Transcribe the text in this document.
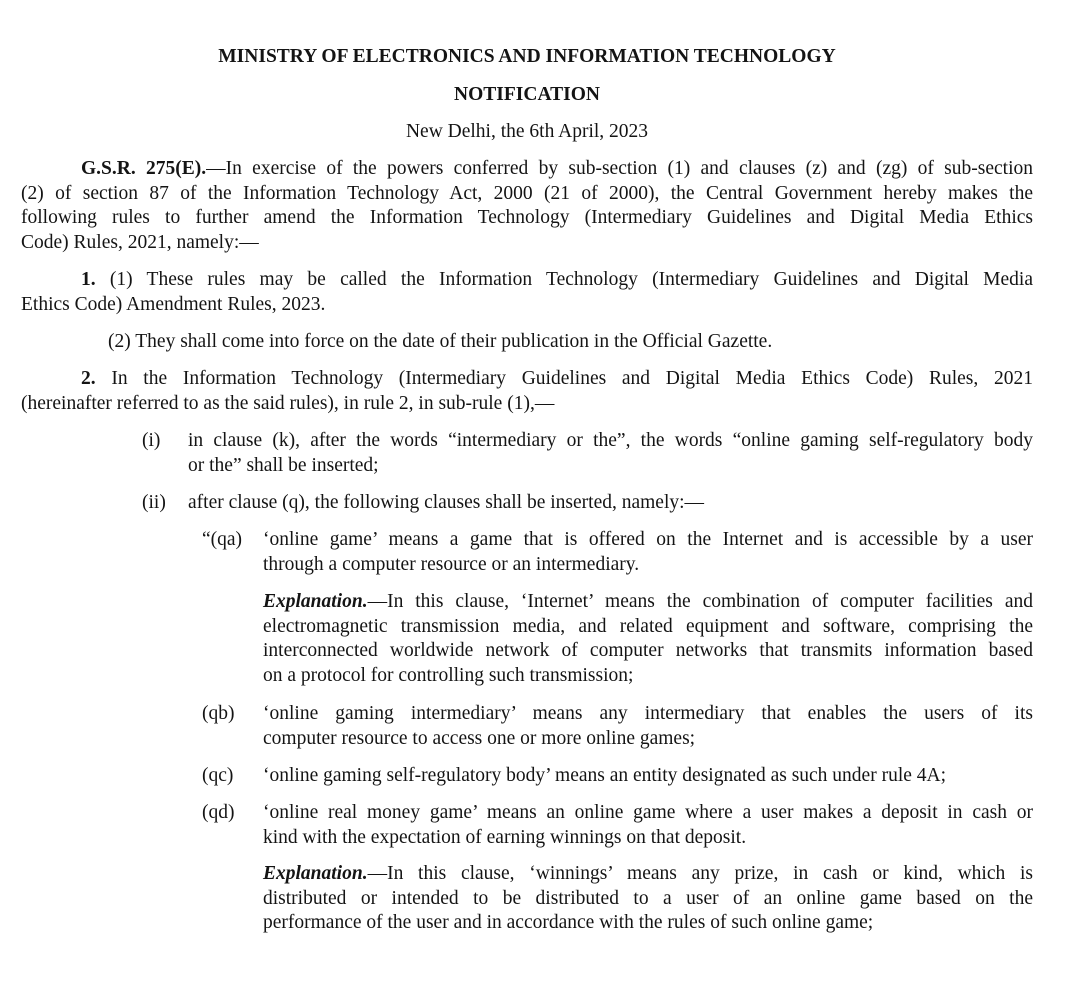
MINISTRY OF ELECTRONICS AND INFORMATION TECHNOLOGY
NOTIFICATION
New Delhi, the 6th April, 2023
G.S.R. 275(E).—In exercise of the powers conferred by sub-section (1) and clauses (z) and (zg) of sub-section
(2) of section 87 of the Information Technology Act, 2000 (21 of 2000), the Central Government hereby makes the
following rules to further amend the Information Technology (Intermediary Guidelines and Digital Media Ethics
Code) Rules, 2021, namely:—
1. (1) These rules may be called the Information Technology (Intermediary Guidelines and Digital Media
Ethics Code) Amendment Rules, 2023.
(2) They shall come into force on the date of their publication in the Official Gazette.
2. In the Information Technology (Intermediary Guidelines and Digital Media Ethics Code) Rules, 2021
(hereinafter referred to as the said rules), in rule 2, in sub-rule (1),—
(i) in clause (k), after the words “intermediary or the”, the words “online gaming self-regulatory body
or the” shall be inserted;
(ii) after clause (q), the following clauses shall be inserted, namely:—
“(qa) ‘online game’ means a game that is offered on the Internet and is accessible by a user
through a computer resource or an intermediary.
Explanation.—In this clause, ‘Internet’ means the combination of computer facilities and
electromagnetic transmission media, and related equipment and software, comprising the
interconnected worldwide network of computer networks that transmits information based
on a protocol for controlling such transmission;
(qb) ‘online gaming intermediary’ means any intermediary that enables the users of its
computer resource to access one or more online games;
(qc) ‘online gaming self-regulatory body’ means an entity designated as such under rule 4A;
(qd) ‘online real money game’ means an online game where a user makes a deposit in cash or
kind with the expectation of earning winnings on that deposit.
Explanation.—In this clause, ‘winnings’ means any prize, in cash or kind, which is
distributed or intended to be distributed to a user of an online game based on the
performance of the user and in accordance with the rules of such online game;
